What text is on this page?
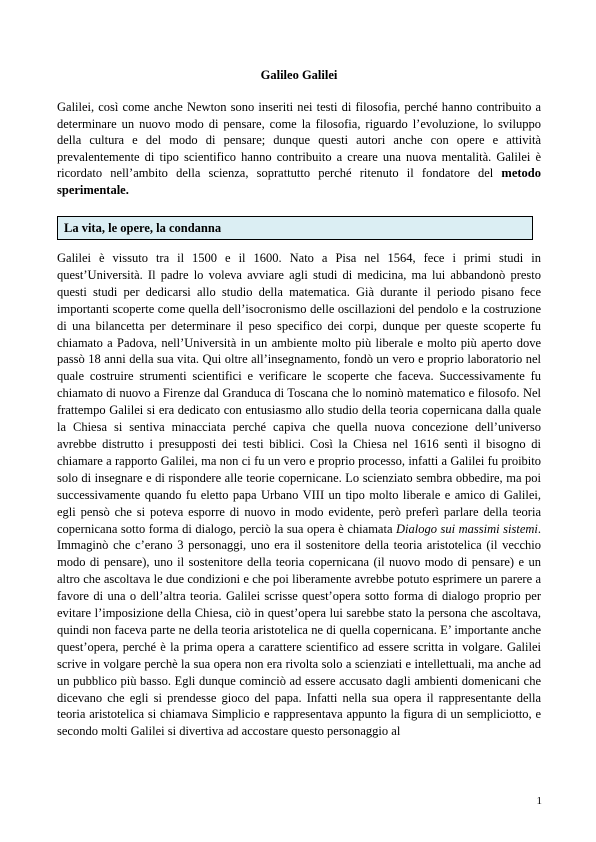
Galileo Galilei

Galilei, così come anche Newton sono inseriti nei testi di filosofia, perché hanno contribuito a determinare un nuovo modo di pensare, come la filosofia, riguardo l’evoluzione, lo sviluppo della cultura e del modo di pensare; dunque questi autori anche con opere e attività prevalentemente di tipo scientifico hanno contribuito a creare una nuova mentalità. Galilei è ricordato nell’ambito della scienza, soprattutto perché ritenuto il fondatore del metodo sperimentale.

La vita, le opere, la condanna

Galilei è vissuto tra il 1500 e il 1600. Nato a Pisa nel 1564, fece i primi studi in quest’Università. Il padre lo voleva avviare agli studi di medicina, ma lui abbandonò presto questi studi per dedicarsi allo studio della matematica. Già durante il periodo pisano fece importanti scoperte come quella dell’isocronismo delle oscillazioni del pendolo e la costruzione di una bilancetta per determinare il peso specifico dei corpi, dunque per queste scoperte fu chiamato a Padova, nell’Università in un ambiente molto più liberale e molto più aperto dove passò 18 anni della sua vita. Qui oltre all’insegnamento, fondò un vero e proprio laboratorio nel quale costruire strumenti scientifici e verificare le scoperte che faceva. Successivamente fu chiamato di nuovo a Firenze dal Granduca di Toscana che lo nominò matematico e filosofo. Nel frattempo Galilei si era dedicato con entusiasmo allo studio della teoria copernicana dalla quale la Chiesa si sentiva minacciata perché capiva che quella nuova concezione dell’universo avrebbe distrutto i presupposti dei testi biblici. Così la Chiesa nel 1616 sentì il bisogno di chiamare a rapporto Galilei, ma non ci fu un vero e proprio processo, infatti a Galilei fu proibito solo di insegnare e di rispondere alle teorie copernicane. Lo scienziato sembra obbedire, ma poi successivamente quando fu eletto papa Urbano VIII un tipo molto liberale e amico di Galilei, egli pensò che si poteva esporre di nuovo in modo evidente, però preferì parlare della teoria copernicana sotto forma di dialogo, perciò la sua opera è chiamata Dialogo sui massimi sistemi. Immaginò che c’erano 3 personaggi, uno era il sostenitore della teoria aristotelica (il vecchio modo di pensare), uno il sostenitore della teoria copernicana (il nuovo modo di pensare) e un altro che ascoltava le due condizioni e che poi liberamente avrebbe potuto esprimere un parere a favore di una o dell’altra teoria. Galilei scrisse quest’opera sotto forma di dialogo proprio per evitare l’imposizione della Chiesa, ciò in quest’opera lui sarebbe stato la persona che ascoltava, quindi non faceva parte ne della teoria aristotelica ne di quella copernicana. E’ importante anche quest’opera, perché è la prima opera a carattere scientifico ad essere scritta in volgare. Galilei scrive in volgare perchè la sua opera non era rivolta solo a scienziati e intellettuali, ma anche ad un pubblico più basso. Egli dunque cominciò ad essere accusato dagli ambienti domenicani che dicevano che egli si prendesse gioco del papa. Infatti nella sua opera il rappresentante della teoria aristotelica si chiamava Simplicio e rappresentava appunto la figura di un sempliciotto, e secondo molti Galilei si divertiva ad accostare questo personaggio al

1
